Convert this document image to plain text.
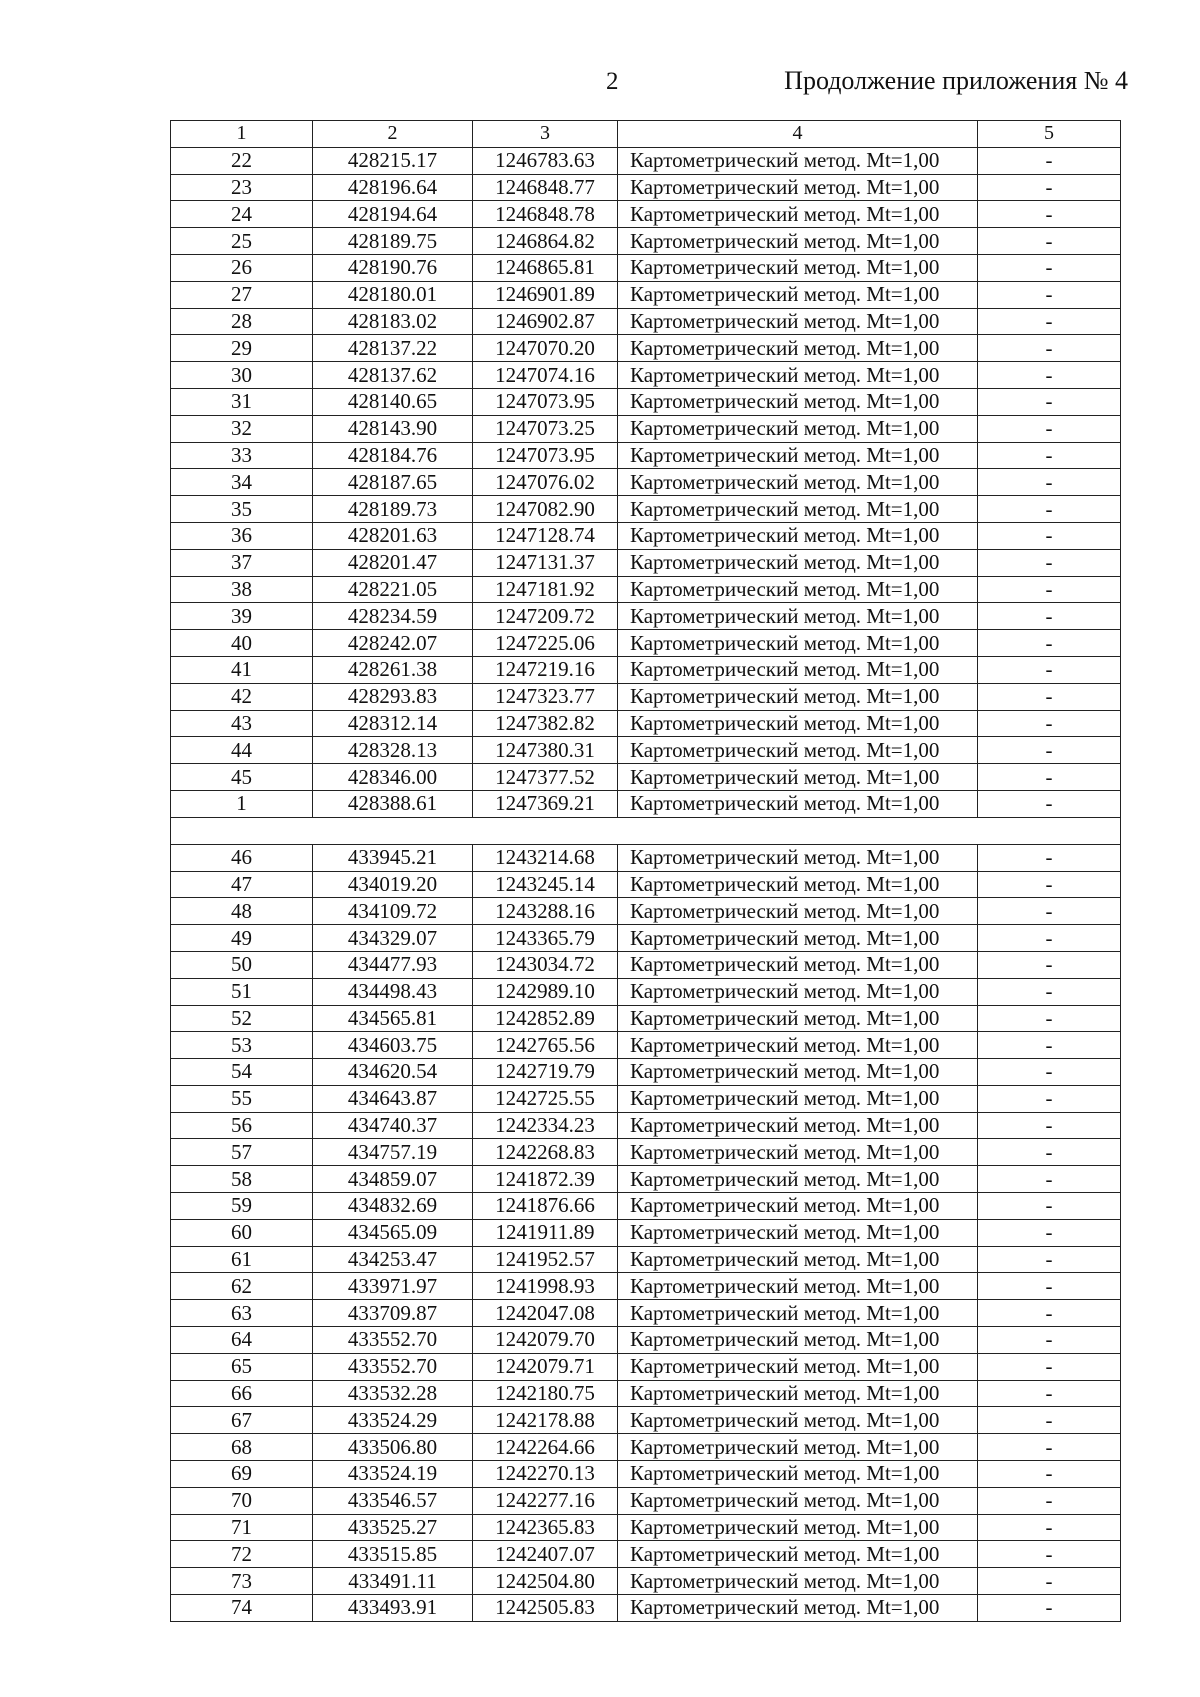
2	Продолжение приложения № 4
1	2	3	4	5
22	428215.17	1246783.63	Картометрический метод. Mt=1,00	-
23	428196.64	1246848.77	Картометрический метод. Mt=1,00	-
24	428194.64	1246848.78	Картометрический метод. Mt=1,00	-
25	428189.75	1246864.82	Картометрический метод. Mt=1,00	-
26	428190.76	1246865.81	Картометрический метод. Mt=1,00	-
27	428180.01	1246901.89	Картометрический метод. Mt=1,00	-
28	428183.02	1246902.87	Картометрический метод. Mt=1,00	-
29	428137.22	1247070.20	Картометрический метод. Mt=1,00	-
30	428137.62	1247074.16	Картометрический метод. Mt=1,00	-
31	428140.65	1247073.95	Картометрический метод. Mt=1,00	-
32	428143.90	1247073.25	Картометрический метод. Mt=1,00	-
33	428184.76	1247073.95	Картометрический метод. Mt=1,00	-
34	428187.65	1247076.02	Картометрический метод. Mt=1,00	-
35	428189.73	1247082.90	Картометрический метод. Mt=1,00	-
36	428201.63	1247128.74	Картометрический метод. Mt=1,00	-
37	428201.47	1247131.37	Картометрический метод. Mt=1,00	-
38	428221.05	1247181.92	Картометрический метод. Mt=1,00	-
39	428234.59	1247209.72	Картометрический метод. Mt=1,00	-
40	428242.07	1247225.06	Картометрический метод. Mt=1,00	-
41	428261.38	1247219.16	Картометрический метод. Mt=1,00	-
42	428293.83	1247323.77	Картометрический метод. Mt=1,00	-
43	428312.14	1247382.82	Картометрический метод. Mt=1,00	-
44	428328.13	1247380.31	Картометрический метод. Mt=1,00	-
45	428346.00	1247377.52	Картометрический метод. Mt=1,00	-
1	428388.61	1247369.21	Картометрический метод. Mt=1,00	-

46	433945.21	1243214.68	Картометрический метод. Mt=1,00	-
47	434019.20	1243245.14	Картометрический метод. Mt=1,00	-
48	434109.72	1243288.16	Картометрический метод. Mt=1,00	-
49	434329.07	1243365.79	Картометрический метод. Mt=1,00	-
50	434477.93	1243034.72	Картометрический метод. Mt=1,00	-
51	434498.43	1242989.10	Картометрический метод. Mt=1,00	-
52	434565.81	1242852.89	Картометрический метод. Mt=1,00	-
53	434603.75	1242765.56	Картометрический метод. Mt=1,00	-
54	434620.54	1242719.79	Картометрический метод. Mt=1,00	-
55	434643.87	1242725.55	Картометрический метод. Mt=1,00	-
56	434740.37	1242334.23	Картометрический метод. Mt=1,00	-
57	434757.19	1242268.83	Картометрический метод. Mt=1,00	-
58	434859.07	1241872.39	Картометрический метод. Mt=1,00	-
59	434832.69	1241876.66	Картометрический метод. Mt=1,00	-
60	434565.09	1241911.89	Картометрический метод. Mt=1,00	-
61	434253.47	1241952.57	Картометрический метод. Mt=1,00	-
62	433971.97	1241998.93	Картометрический метод. Mt=1,00	-
63	433709.87	1242047.08	Картометрический метод. Mt=1,00	-
64	433552.70	1242079.70	Картометрический метод. Mt=1,00	-
65	433552.70	1242079.71	Картометрический метод. Mt=1,00	-
66	433532.28	1242180.75	Картометрический метод. Mt=1,00	-
67	433524.29	1242178.88	Картометрический метод. Mt=1,00	-
68	433506.80	1242264.66	Картометрический метод. Mt=1,00	-
69	433524.19	1242270.13	Картометрический метод. Mt=1,00	-
70	433546.57	1242277.16	Картометрический метод. Mt=1,00	-
71	433525.27	1242365.83	Картометрический метод. Mt=1,00	-
72	433515.85	1242407.07	Картометрический метод. Mt=1,00	-
73	433491.11	1242504.80	Картометрический метод. Mt=1,00	-
74	433493.91	1242505.83	Картометрический метод. Mt=1,00	-
